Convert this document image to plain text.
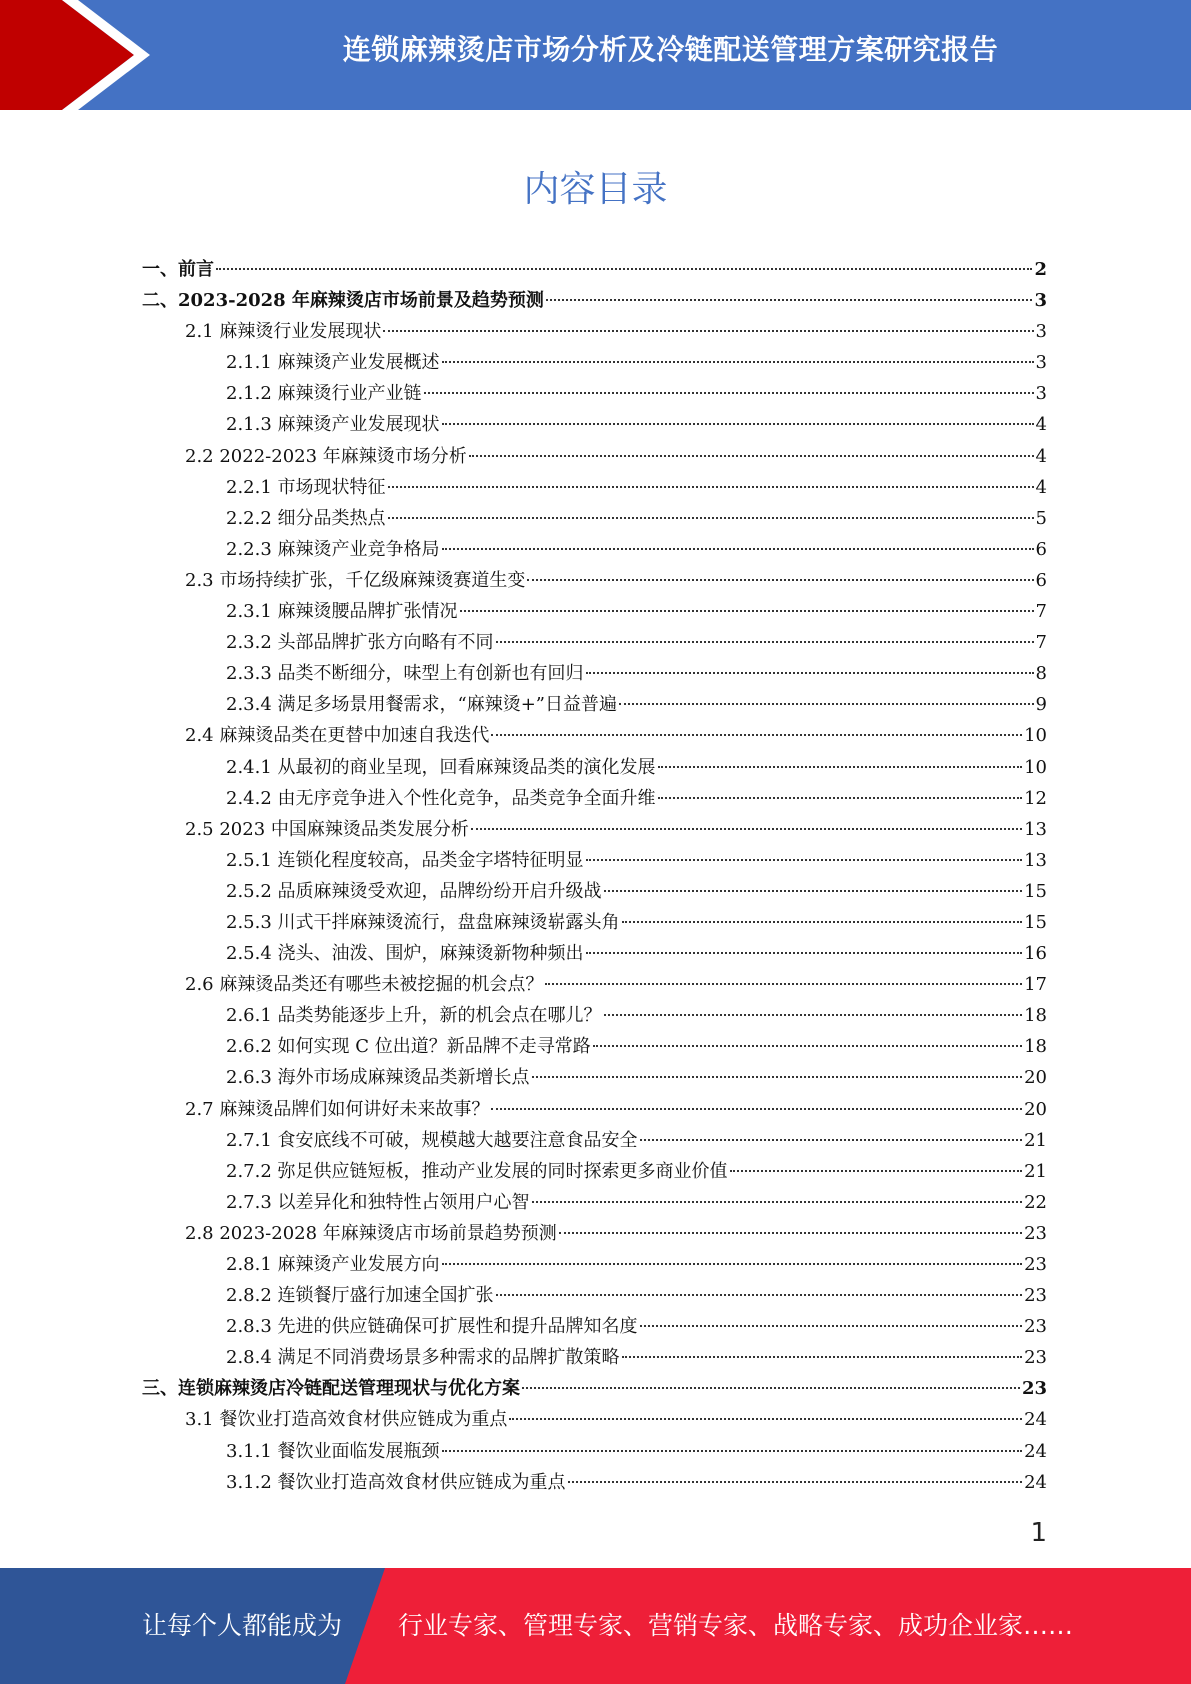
连锁麻辣烫店市场分析及冷链配送管理方案研究报告
内容目录
一、前言	2
二、2023-2028 年麻辣烫店市场前景及趋势预测	3
2.1 麻辣烫行业发展现状	3
2.1.1 麻辣烫产业发展概述	3
2.1.2 麻辣烫行业产业链	3
2.1.3 麻辣烫产业发展现状	4
2.2 2022-2023 年麻辣烫市场分析	4
2.2.1 市场现状特征	4
2.2.2 细分品类热点	5
2.2.3 麻辣烫产业竞争格局	6
2.3 市场持续扩张，千亿级麻辣烫赛道生变	6
2.3.1 麻辣烫腰品牌扩张情况	7
2.3.2 头部品牌扩张方向略有不同	7
2.3.3 品类不断细分，味型上有创新也有回归	8
2.3.4 满足多场景用餐需求，“麻辣烫+”日益普遍	9
2.4 麻辣烫品类在更替中加速自我迭代	10
2.4.1 从最初的商业呈现，回看麻辣烫品类的演化发展	10
2.4.2 由无序竞争进入个性化竞争，品类竞争全面升维	12
2.5 2023 中国麻辣烫品类发展分析	13
2.5.1 连锁化程度较高，品类金字塔特征明显	13
2.5.2 品质麻辣烫受欢迎，品牌纷纷开启升级战	15
2.5.3 川式干拌麻辣烫流行，盘盘麻辣烫崭露头角	15
2.5.4 浇头、油泼、围炉，麻辣烫新物种频出	16
2.6 麻辣烫品类还有哪些未被挖掘的机会点？	17
2.6.1 品类势能逐步上升，新的机会点在哪儿？	18
2.6.2 如何实现 C 位出道？新品牌不走寻常路	18
2.6.3 海外市场成麻辣烫品类新增长点	20
2.7 麻辣烫品牌们如何讲好未来故事？	20
2.7.1 食安底线不可破，规模越大越要注意食品安全	21
2.7.2 弥足供应链短板，推动产业发展的同时探索更多商业价值	21
2.7.3 以差异化和独特性占领用户心智	22
2.8 2023-2028 年麻辣烫店市场前景趋势预测	23
2.8.1 麻辣烫产业发展方向	23
2.8.2 连锁餐厅盛行加速全国扩张	23
2.8.3 先进的供应链确保可扩展性和提升品牌知名度	23
2.8.4 满足不同消费场景多种需求的品牌扩散策略	23
三、连锁麻辣烫店冷链配送管理现状与优化方案	23
3.1 餐饮业打造高效食材供应链成为重点	24
3.1.1 餐饮业面临发展瓶颈	24
3.1.2 餐饮业打造高效食材供应链成为重点	24
1
让每个人都能成为 行业专家、管理专家、营销专家、战略专家、成功企业家……
